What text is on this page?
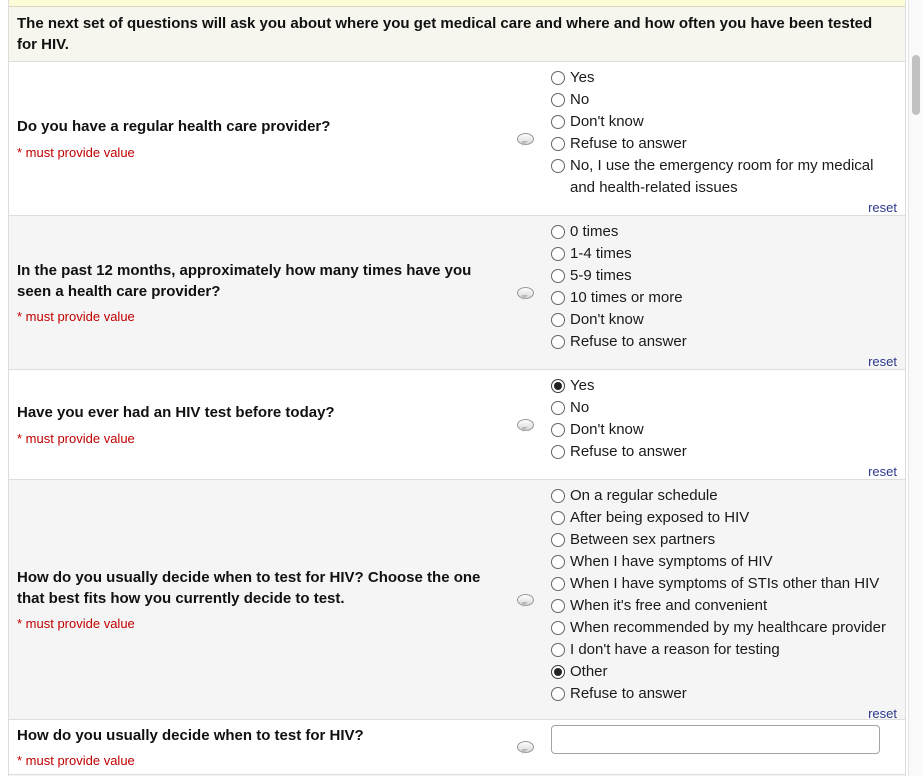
The next set of questions will ask you about where you get medical care and where and how often you have been tested for HIV.
Do you have a regular health care provider?
* must provide value
Yes
No
Don't know
Refuse to answer
No, I use the emergency room for my medical and health-related issues
reset
In the past 12 months, approximately how many times have you seen a health care provider?
* must provide value
0 times
1-4 times
5-9 times
10 times or more
Don't know
Refuse to answer
reset
Have you ever had an HIV test before today?
* must provide value
Yes
No
Don't know
Refuse to answer
reset
How do you usually decide when to test for HIV? Choose the one that best fits how you currently decide to test.
* must provide value
On a regular schedule
After being exposed to HIV
Between sex partners
When I have symptoms of HIV
When I have symptoms of STIs other than HIV
When it's free and convenient
When recommended by my healthcare provider
I don't have a reason for testing
Other
Refuse to answer
reset
How do you usually decide when to test for HIV?
* must provide value
